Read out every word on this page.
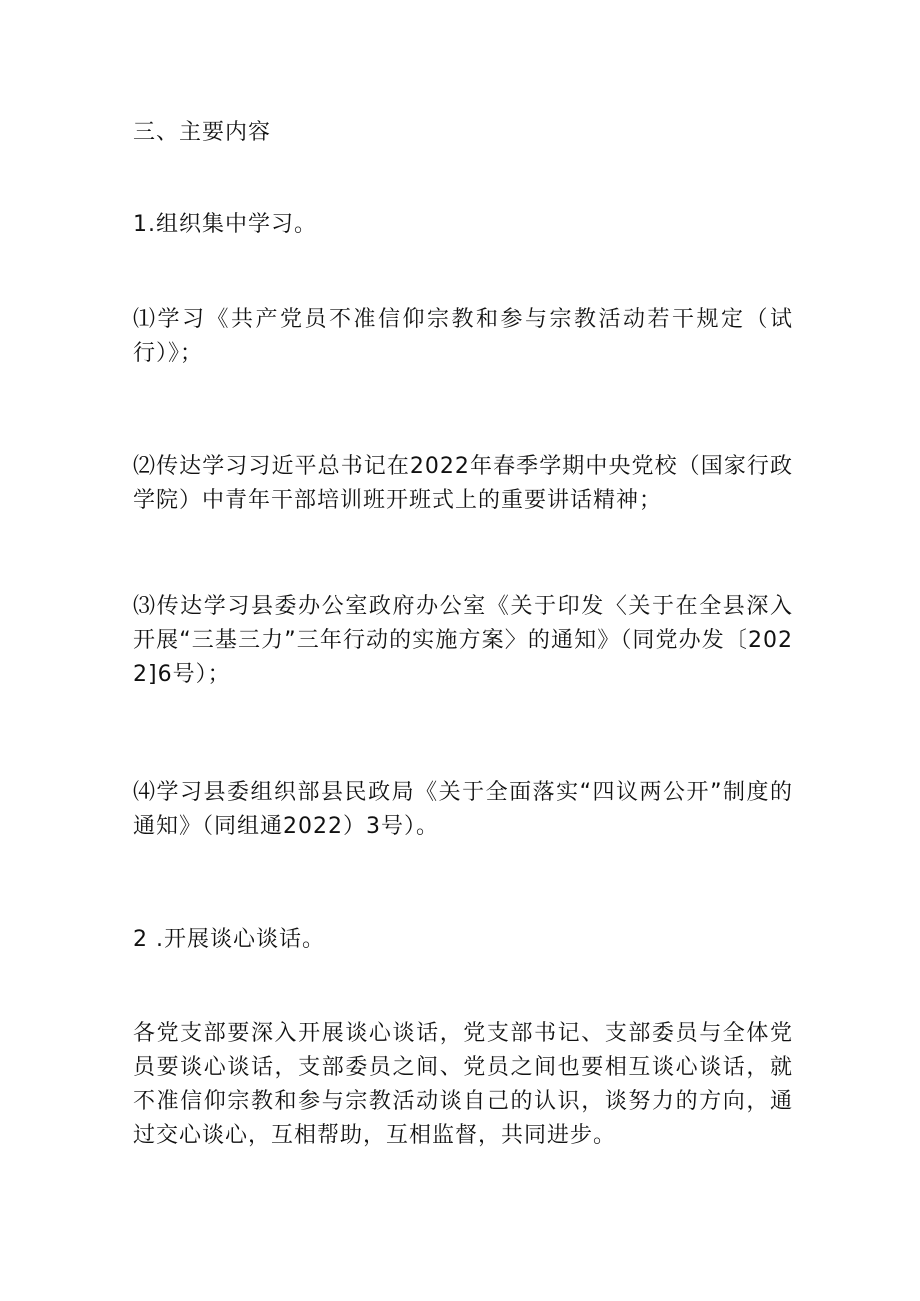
三、主要内容

1.组织集中学习。

⑴学习《共产党员不准信仰宗教和参与宗教活动若干规定（试行）》；

⑵传达学习习近平总书记在2022年春季学期中央党校（国家行政学院）中青年干部培训班开班式上的重要讲话精神；

⑶传达学习县委办公室政府办公室《关于印发〈关于在全县深入开展“三基三力”三年行动的实施方案〉的通知》（同党办发〔2022]6号）；

⑷学习县委组织部县民政局《关于全面落实“四议两公开”制度的通知》（同组通2022）3号）。

2 .开展谈心谈话。

各党支部要深入开展谈心谈话，党支部书记、支部委员与全体党员要谈心谈话，支部委员之间、党员之间也要相互谈心谈话，就不准信仰宗教和参与宗教活动谈自己的认识，谈努力的方向，通过交心谈心，互相帮助，互相监督，共同进步。
